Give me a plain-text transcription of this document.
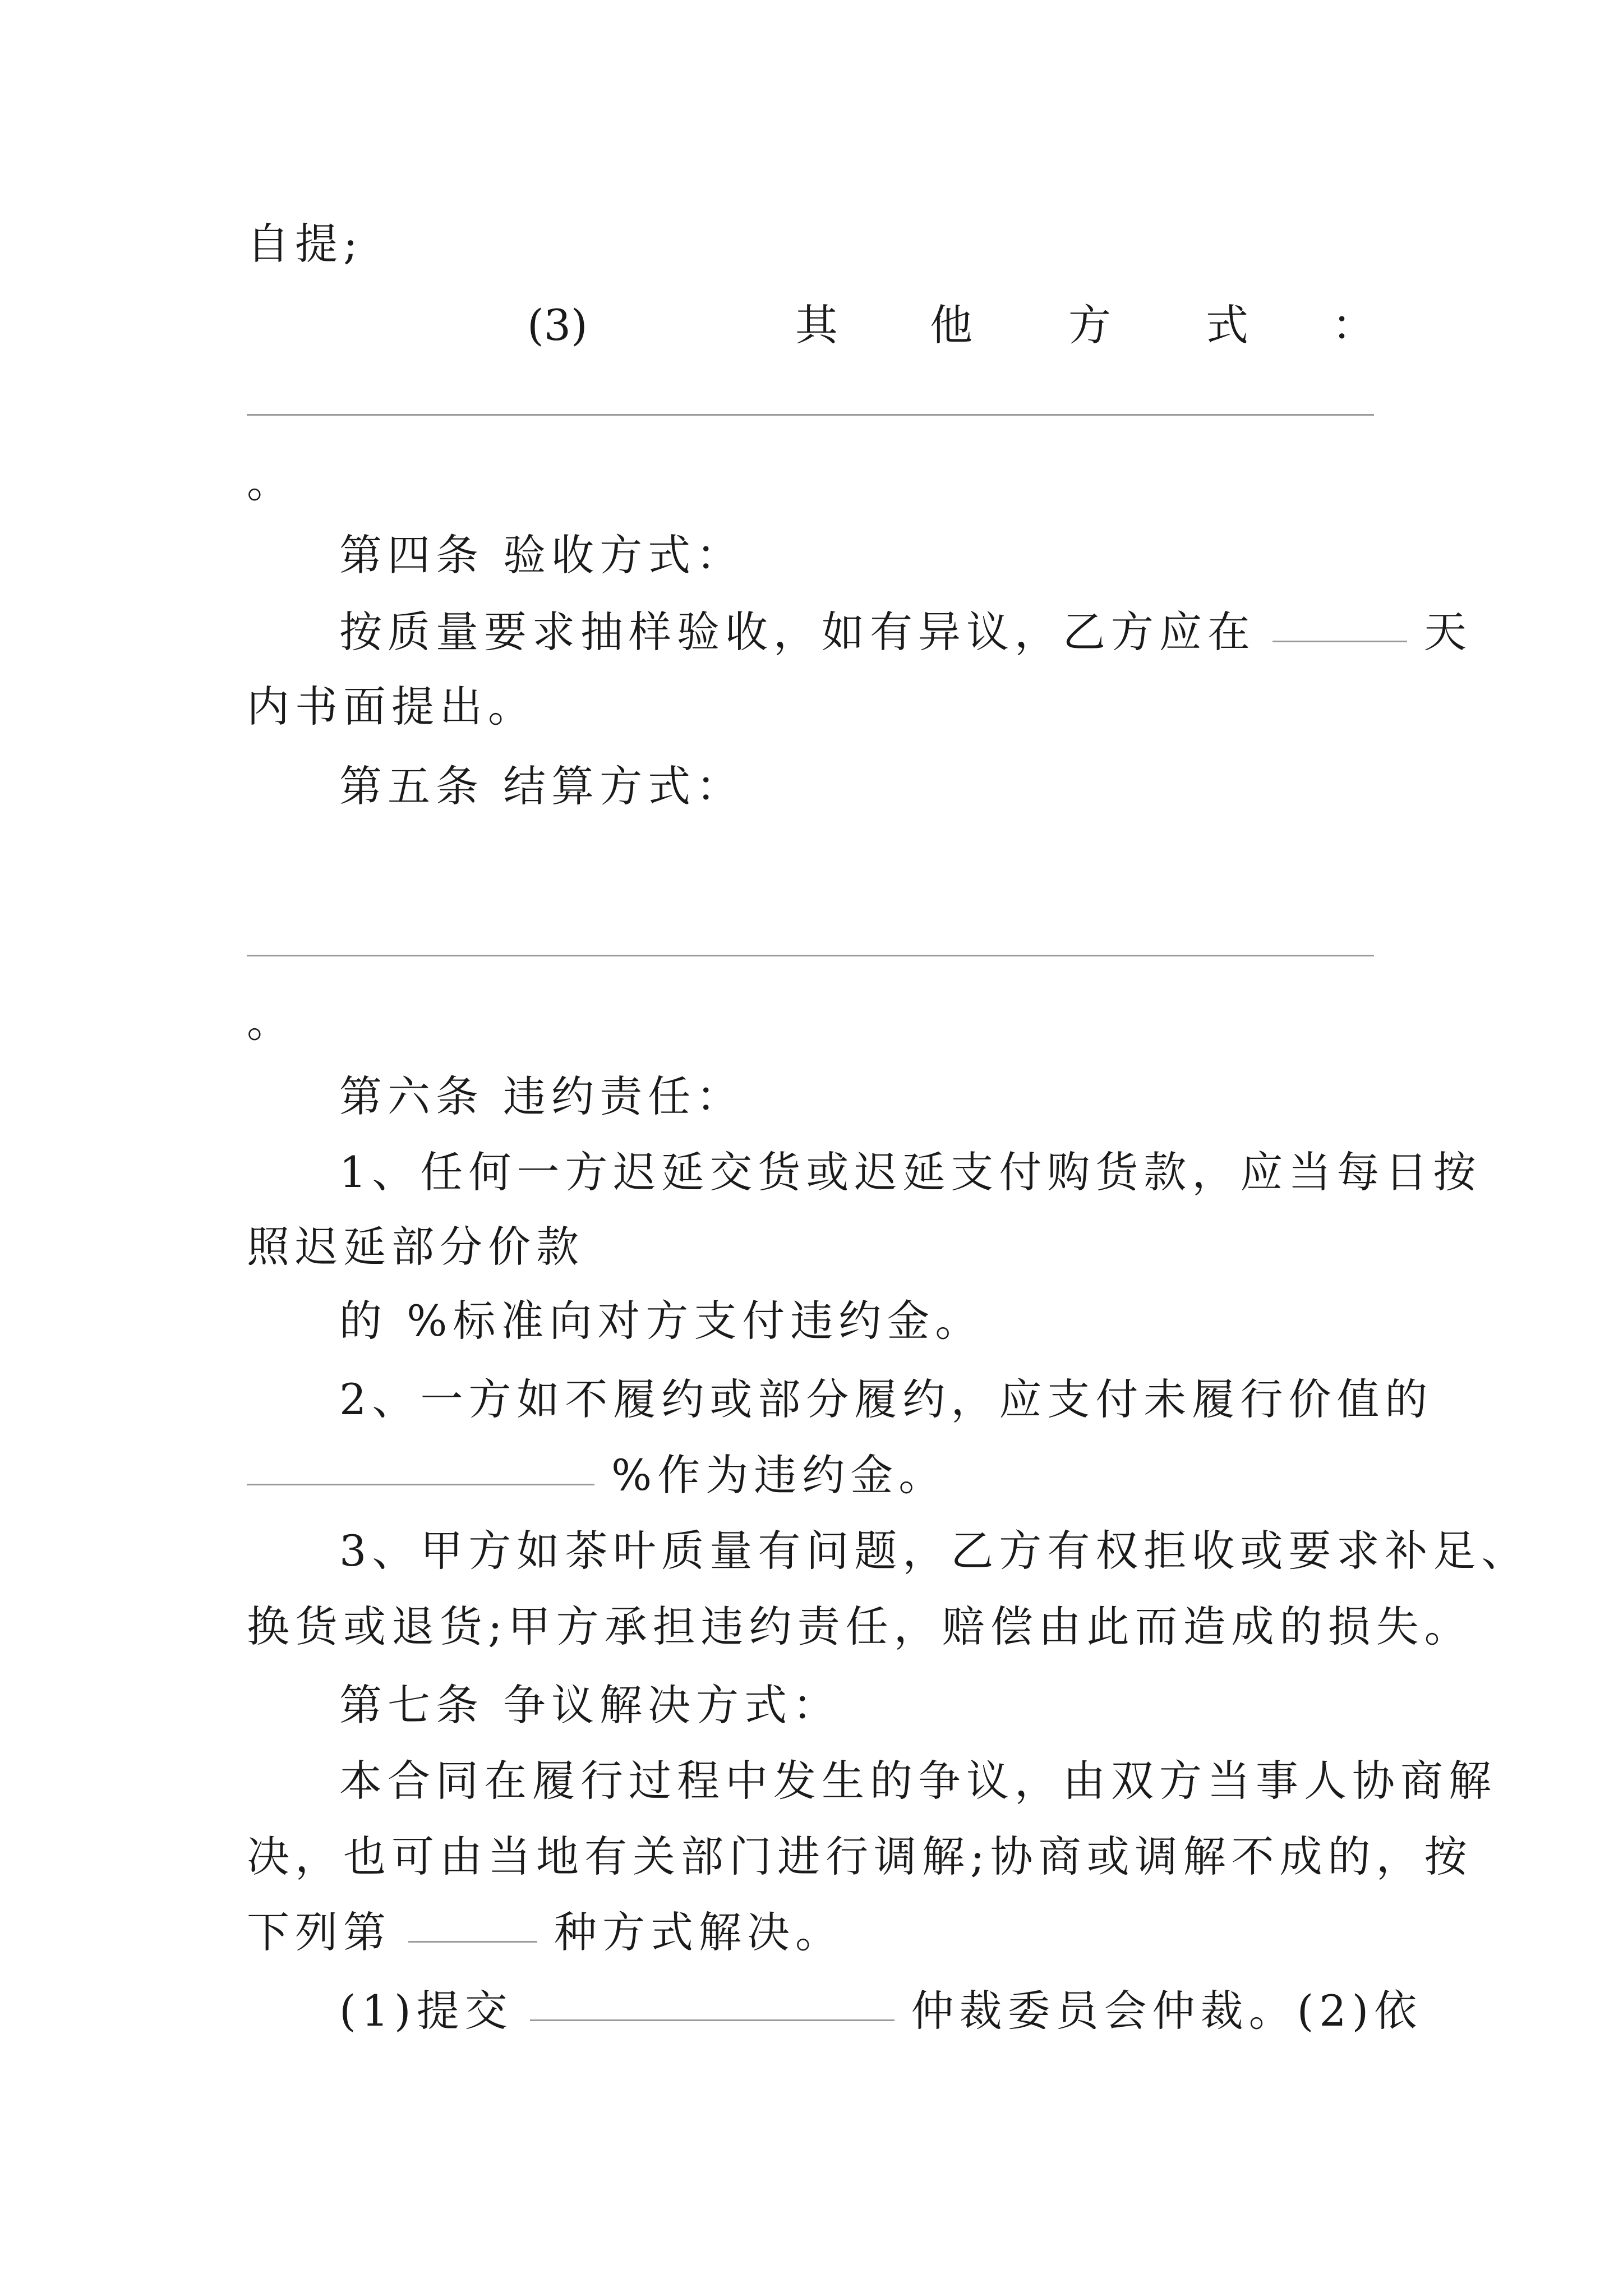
自提;
(3)	其 他 方 式 ：
。
第四条 验收方式：
按质量要求抽样验收，如有异议，乙方应在	天
内书面提出。
第五条 结算方式：
。
第六条 违约责任：
1、任何一方迟延交货或迟延支付购货款，应当每日按
照迟延部分价款
的 %标准向对方支付违约金。
2、一方如不履约或部分履约，应支付未履行价值的
%作为违约金。
3、甲方如茶叶质量有问题，乙方有权拒收或要求补足、
换货或退货;甲方承担违约责任，赔偿由此而造成的损失。
第七条 争议解决方式：
本合同在履行过程中发生的争议，由双方当事人协商解
决，也可由当地有关部门进行调解;协商或调解不成的，按
下列第	种方式解决。
(1)提交	仲裁委员会仲裁。(2)依
